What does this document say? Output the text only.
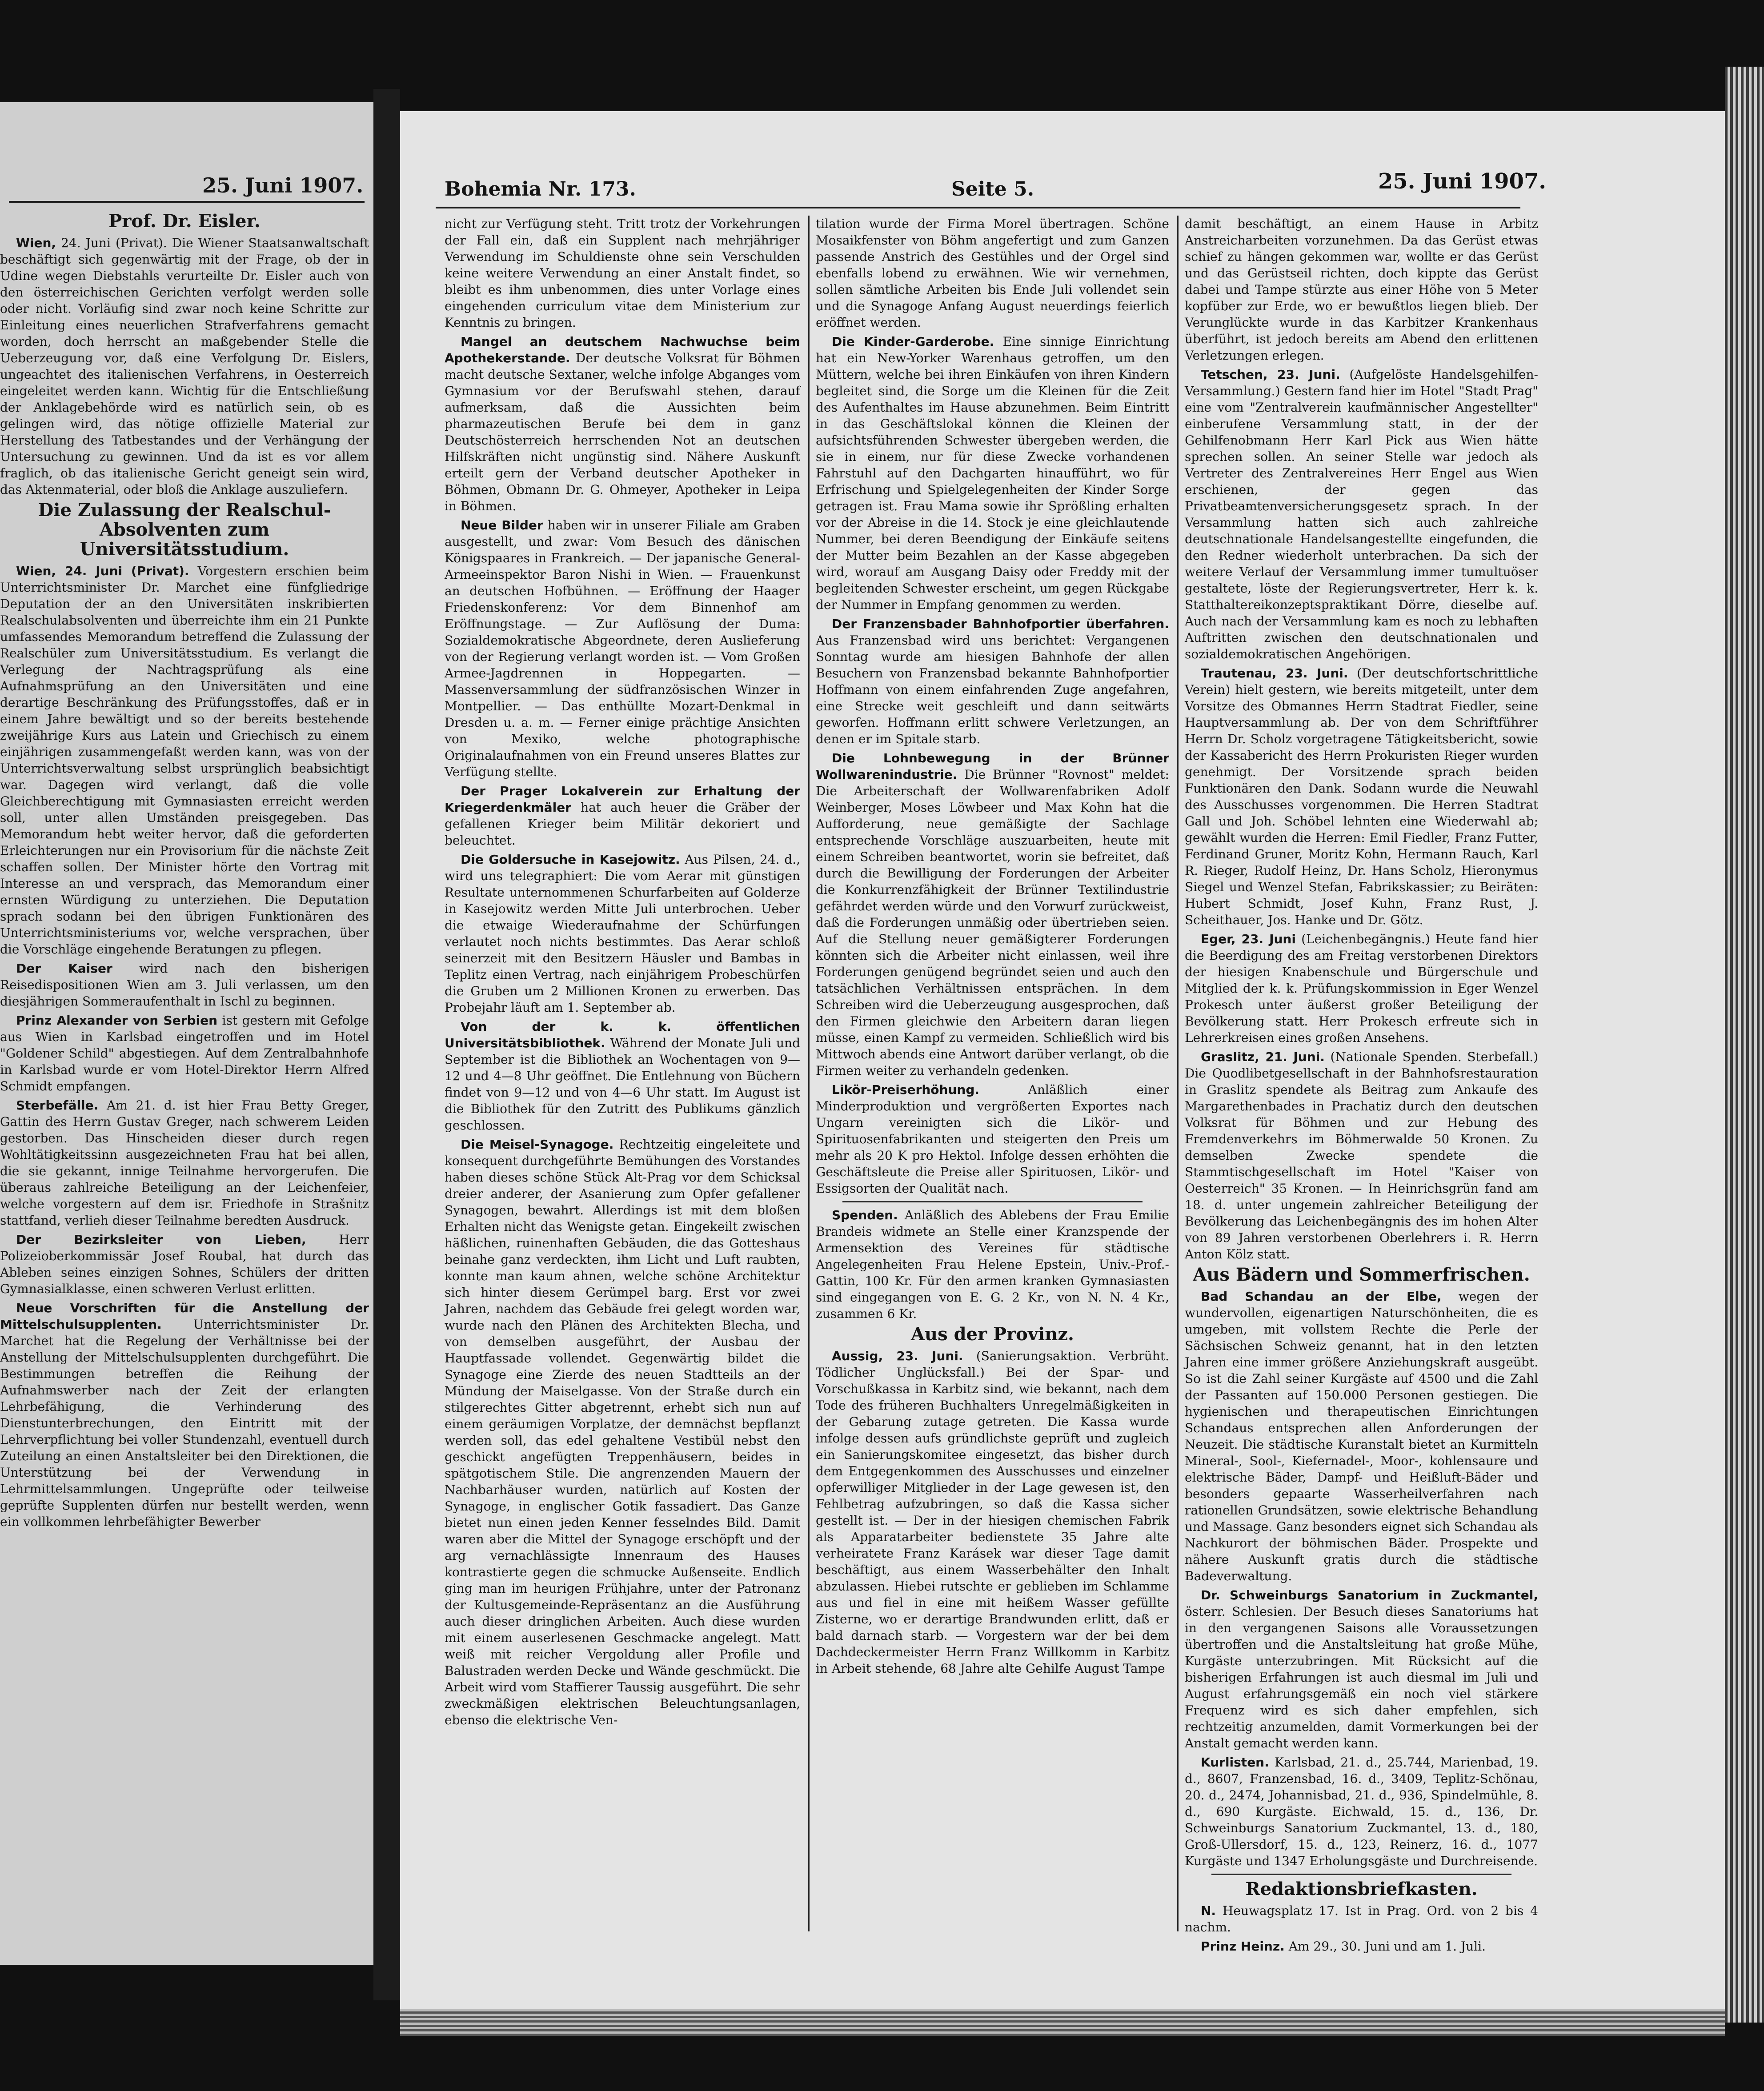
25. Juni 1907.
Prof. Dr. Eisler.

Wien, 24. Juni (Privat). Die Wiener Staatsanwaltschaft beschäftigt sich gegenwärtig mit der Frage, ob der in Udine wegen Diebstahls verurteilte Dr. Eisler auch von den österreichischen Gerichten verfolgt werden solle oder nicht. Vorläufig sind zwar noch keine Schritte zur Einleitung eines neuerlichen Strafverfahrens gemacht worden, doch herrscht an maßgebender Stelle die Ueberzeugung vor, daß eine Verfolgung Dr. Eislers, ungeachtet des italienischen Verfahrens, in Oesterreich eingeleitet werden kann. Wichtig für die Entschließung der Anklagebehörde wird es natürlich sein, ob es gelingen wird, das nötige offizielle Material zur Herstellung des Tatbestandes und der Verhängung der Untersuchung zu gewinnen. Und da ist es vor allem fraglich, ob das italienische Gericht geneigt sein wird, das Aktenmaterial, oder bloß die Anklage auszuliefern.

Die Zulassung der Realschul-Absolventen zum Universitätsstudium.

Wien, 24. Juni (Privat). Vorgestern erschien beim Unterrichtsminister Dr. Marchet eine fünfgliedrige Deputation der an den Universitäten inskribierten Realschulabsolventen und überreichte ihm ein 21 Punkte umfassendes Memorandum betreffend die Zulassung der Realschüler zum Universitätsstudium. Es verlangt die Verlegung der Nachtragsprüfung als eine Aufnahmsprüfung an den Universitäten und eine derartige Beschränkung des Prüfungsstoffes, daß er in einem Jahre bewältigt und so der bereits bestehende zweijährige Kurs aus Latein und Griechisch zu einem einjährigen zusammengefaßt werden kann, was von der Unterrichtsverwaltung selbst ursprünglich beabsichtigt war. Dagegen wird verlangt, daß die volle Gleichberechtigung mit Gymnasiasten erreicht werden soll, unter allen Umständen preisgegeben. Das Memorandum hebt weiter hervor, daß die geforderten Erleichterungen nur ein Provisorium für die nächste Zeit schaffen sollen. Der Minister hörte den Vortrag mit Interesse an und versprach, das Memorandum einer ernsten Würdigung zu unterziehen. Die Deputation sprach sodann bei den übrigen Funktionären des Unterrichtsministeriums vor, welche versprachen, über die Vorschläge eingehende Beratungen zu pflegen.

Der Kaiser wird nach den bisherigen Reisedispositionen Wien am 3. Juli verlassen, um den diesjährigen Sommeraufenthalt in Ischl zu beginnen.

Prinz Alexander von Serbien ist gestern mit Gefolge aus Wien in Karlsbad eingetroffen und im Hotel "Goldener Schild" abgestiegen. Auf dem Zentralbahnhofe in Karlsbad wurde er vom Hotel-Direktor Herrn Alfred Schmidt empfangen.

Sterbefälle. Am 21. d. ist hier Frau Betty Greger, Gattin des Herrn Gustav Greger, nach schwerem Leiden gestorben. Das Hinscheiden dieser durch regen Wohltätigkeitssinn ausgezeichneten Frau hat bei allen, die sie gekannt, innige Teilnahme hervorgerufen. Die überaus zahlreiche Beteiligung an der Leichenfeier, welche vorgestern auf dem isr. Friedhofe in Strašnitz stattfand, verlieh dieser Teilnahme beredten Ausdruck.

Der Bezirksleiter von Lieben,	Herr Polizeioberkommissär Josef Roubal, hat durch das Ableben seines einzigen Sohnes, Schülers der dritten Gymnasialklasse, einen schweren Verlust erlitten.

Neue Vorschriften für die Anstellung der Mittelschulsupplenten.	Unterrichtsminister Dr. Marchet hat die Regelung der Verhältnisse bei der Anstellung der Mittelschulsupplenten durchgeführt. Die Bestimmungen betreffen die Reihung der Aufnahmswerber nach der Zeit der erlangten Lehrbefähigung, die Verhinderung des Dienstunterbrechungen, den Eintritt mit der Lehrverpflichtung bei voller Stundenzahl, eventuell durch Zuteilung an einen Anstaltsleiter bei den Direktionen, die Unterstützung bei der Verwendung in Lehrmittelsammlungen. Ungeprüfte oder teilweise geprüfte Supplenten dürfen nur bestellt werden, wenn ein vollkommen lehrbefähigter Bewerber

Bohemia Nr. 173.	Seite 5.	25. Juni 1907.

nicht zur Verfügung steht. Tritt trotz der Vorkehrungen der Fall ein, daß ein Supplent nach mehrjähriger Verwendung im Schuldienste ohne sein Verschulden keine weitere Verwendung an einer Anstalt findet, so bleibt es ihm unbenommen, dies unter Vorlage eines eingehenden curriculum vitae dem Ministerium zur Kenntnis zu bringen.

Mangel an deutschem Nachwuchse beim Apothekerstande. Der deutsche Volksrat für Böhmen macht deutsche Sextaner, welche infolge Abganges vom Gymnasium vor der Berufswahl stehen, darauf aufmerksam, daß die Aussichten beim pharmazeutischen Berufe bei dem in ganz Deutschösterreich herrschenden Not an deutschen Hilfskräften nicht ungünstig sind. Nähere Auskunft erteilt gern der Verband deutscher Apotheker in Böhmen, Obmann Dr. G. Ohmeyer, Apotheker in Leipa in Böhmen.

Neue Bilder haben wir in unserer Filiale am Graben ausgestellt, und zwar: Vom Besuch des dänischen Königspaares in Frankreich. — Der japanische General-Armeeinspektor Baron Nishi in Wien. — Frauenkunst an deutschen Hofbühnen. — Eröffnung der Haager Friedenskonferenz: Vor dem Binnenhof am Eröffnungstage. — Zur Auflösung der Duma: Sozialdemokratische Abgeordnete, deren Auslieferung von der Regierung verlangt worden ist. — Vom Großen Armee-Jagdrennen in Hoppegarten. — Massenversammlung der südfranzösischen Winzer in Montpellier. — Das enthüllte Mozart-Denkmal in Dresden u. a. m. — Ferner einige prächtige Ansichten von Mexiko, welche photographische Originalaufnahmen von ein Freund unseres Blattes zur Verfügung stellte.

Der Prager Lokalverein zur Erhaltung der Kriegerdenkmäler hat auch heuer die Gräber der gefallenen Krieger beim Militär dekoriert und beleuchtet.

Die Goldersuche in Kasejowitz. Aus Pilsen, 24. d., wird uns telegraphiert: Die vom Aerar mit günstigen Resultate unternommenen Schurfarbeiten auf Golderze in Kasejowitz werden Mitte Juli unterbrochen. Ueber die etwaige Wiederaufnahme der Schürfungen verlautet noch nichts bestimmtes. Das Aerar schloß seinerzeit mit den Besitzern Häusler und Bambas in Teplitz einen Vertrag, nach einjährigem Probeschürfen die Gruben um 2 Millionen Kronen zu erwerben. Das Probejahr läuft am 1. September ab.

Von der k. k. öffentlichen Universitätsbibliothek. Während der Monate Juli und September ist die Bibliothek an Wochentagen von 9—12 und 4—8 Uhr geöffnet. Die Entlehnung von Büchern findet von 9—12 und von 4—6 Uhr statt. Im August ist die Bibliothek für den Zutritt des Publikums gänzlich geschlossen.

Die Meisel-Synagoge. Rechtzeitig eingeleitete und konsequent durchgeführte Bemühungen des Vorstandes haben dieses schöne Stück Alt-Prag vor dem Schicksal dreier anderer, der Asanierung zum Opfer gefallener Synagogen, bewahrt. Allerdings ist mit dem bloßen Erhalten nicht das Wenigste getan. Eingekeilt zwischen häßlichen, ruinenhaften Gebäuden, die das Gotteshaus beinahe ganz verdeckten, ihm Licht und Luft raubten, konnte man kaum ahnen, welche schöne Architektur sich hinter diesem Gerümpel barg. Erst vor zwei Jahren, nachdem das Gebäude frei gelegt worden war, wurde nach den Plänen des Architekten Blecha, und von demselben ausgeführt, der Ausbau der Hauptfassade vollendet. Gegenwärtig bildet die Synagoge eine Zierde des neuen Stadtteils an der Mündung der Maiselgasse. Von der Straße durch ein stilgerechtes Gitter abgetrennt, erhebt sich nun auf einem geräumigen Vorplatze, der demnächst bepflanzt werden soll, das edel gehaltene Vestibül nebst den geschickt angefügten Treppenhäusern, beides in spätgotischem Stile. Die angrenzenden Mauern der Nachbarhäuser wurden, natürlich auf Kosten der Synagoge, in englischer Gotik fassadiert. Das Ganze bietet nun einen jeden Kenner fesselndes Bild. Damit waren aber die Mittel der Synagoge erschöpft und der arg vernachlässigte Innenraum des Hauses kontrastierte gegen die schmucke Außenseite. Endlich ging man im heurigen Frühjahre, unter der Patronanz der Kultusgemeinde-Repräsentanz an die Ausführung auch dieser dringlichen Arbeiten. Auch diese wurden mit einem auserlesenen Geschmacke angelegt. Matt weiß mit reicher Vergoldung aller Profile und Balustraden werden Decke und Wände geschmückt. Die Arbeit wird vom Staffierer Taussig ausgeführt. Die sehr zweckmäßigen elektrischen Beleuchtungsanlagen, ebenso die elektrische Ven-

tilation wurde der Firma Morel übertragen. Schöne Mosaikfenster von Böhm angefertigt und zum Ganzen passende Anstrich des Gestühles und der Orgel sind ebenfalls lobend zu erwähnen. Wie wir vernehmen, sollen sämtliche Arbeiten bis Ende Juli vollendet sein und die Synagoge Anfang August neuerdings feierlich eröffnet werden.

Die Kinder-Garderobe. Eine sinnige Einrichtung hat ein New-Yorker Warenhaus getroffen, um den Müttern, welche bei ihren Einkäufen von ihren Kindern begleitet sind, die Sorge um die Kleinen für die Zeit des Aufenthaltes im Hause abzunehmen. Beim Eintritt in das Geschäftslokal können die Kleinen der aufsichtsführenden Schwester übergeben werden, die sie in einem, nur für diese Zwecke vorhandenen Fahrstuhl auf den Dachgarten hinaufführt, wo für Erfrischung und Spielgelegenheiten der Kinder Sorge getragen ist. Frau Mama sowie ihr Sprößling erhalten vor der Abreise in die 14. Stock je eine gleichlautende Nummer, bei deren Beendigung der Einkäufe seitens der Mutter beim Bezahlen an der Kasse abgegeben wird, worauf am Ausgang Daisy oder Freddy mit der begleitenden Schwester erscheint, um gegen Rückgabe der Nummer in Empfang genommen zu werden.

Der Franzensbader Bahnhofportier überfahren. Aus Franzensbad wird uns berichtet: Vergangenen Sonntag wurde am hiesigen Bahnhofe der allen Besuchern von Franzensbad bekannte Bahnhofportier Hoffmann von einem einfahrenden Zuge angefahren, eine Strecke weit geschleift und dann seitwärts geworfen. Hoffmann erlitt schwere Verletzungen, an denen er im Spitale starb.

Die Lohnbewegung in der Brünner Wollwarenindustrie. Die Brünner "Rovnost" meldet: Die Arbeiterschaft der Wollwarenfabriken Adolf Weinberger, Moses Löwbeer und Max Kohn hat die Aufforderung, neue gemäßigte der Sachlage entsprechende Vorschläge auszuarbeiten, heute mit einem Schreiben beantwortet, worin sie befreitet, daß durch die Bewilligung der Forderungen der Arbeiter die Konkurrenzfähigkeit der Brünner Textilindustrie gefährdet werden würde und den Vorwurf zurückweist, daß die Forderungen unmäßig oder übertrieben seien. Auf die Stellung neuer gemäßigterer Forderungen könnten sich die Arbeiter nicht einlassen, weil ihre Forderungen genügend begründet seien und auch den tatsächlichen Verhältnissen entsprächen. In dem Schreiben wird die Ueberzeugung ausgesprochen, daß den Firmen gleichwie den Arbeitern daran liegen müsse, einen Kampf zu vermeiden. Schließlich wird bis Mittwoch abends eine Antwort darüber verlangt, ob die Firmen weiter zu verhandeln gedenken.

Likör-Preiserhöhung.	Anläßlich einer Minderproduktion und vergrößerten Exportes nach Ungarn vereinigten sich die Likör- und Spirituosenfabrikanten und steigerten den Preis um mehr als 20 K pro Hektol. Infolge dessen erhöhten die Geschäftsleute die Preise aller Spirituosen, Likör- und Essigsorten der Qualität nach.

Spenden. Anläßlich des Ablebens der Frau Emilie Brandeis widmete an Stelle einer Kranzspende der Armensektion des Vereines für städtische Angelegenheiten Frau Helene Epstein, Univ.-Prof.-Gattin, 100 Kr. Für den armen kranken Gymnasiasten sind eingegangen von E. G. 2 Kr., von N. N. 4 Kr., zusammen 6 Kr.

Aus der Provinz.

Aussig, 23. Juni. (Sanierungsaktion. Verbrüht. Tödlicher Unglücksfall.) Bei der Spar- und Vorschußkassa in Karbitz sind, wie bekannt, nach dem Tode des früheren Buchhalters Unregelmäßigkeiten in der Gebarung zutage getreten. Die Kassa wurde infolge dessen aufs gründlichste geprüft und zugleich ein Sanierungskomitee eingesetzt, das bisher durch dem Entgegenkommen des Ausschusses und einzelner opferwilliger Mitglieder in der Lage gewesen ist, den Fehlbetrag aufzubringen, so daß die Kassa sicher gestellt ist. — Der in der hiesigen chemischen Fabrik als Apparatarbeiter bedienstete 35 Jahre alte verheiratete Franz Karásek war dieser Tage damit beschäftigt, aus einem Wasserbehälter den Inhalt abzulassen. Hiebei rutschte er geblieben im Schlamme aus und fiel in eine mit heißem Wasser gefüllte Zisterne, wo er derartige Brandwunden erlitt, daß er bald darnach starb. — Vorgestern war der bei dem Dachdeckermeister Herrn Franz Willkomm in Karbitz in Arbeit stehende, 68 Jahre alte Gehilfe August Tampe

damit beschäftigt, an einem Hause in Arbitz Anstreicharbeiten vorzunehmen. Da das Gerüst etwas schief zu hängen gekommen war, wollte er das Gerüst und das Gerüstseil richten, doch kippte das Gerüst dabei und Tampe stürzte aus einer Höhe von 5 Meter kopfüber zur Erde, wo er bewußtlos liegen blieb. Der Verunglückte wurde in das Karbitzer Krankenhaus überführt, ist jedoch bereits am Abend den erlittenen Verletzungen erlegen.

Tetschen, 23. Juni. (Aufgelöste Handelsgehilfen-Versammlung.) Gestern fand hier im Hotel "Stadt Prag" eine vom "Zentralverein kaufmännischer Angestellter" einberufene Versammlung statt, in der der Gehilfenobmann Herr Karl Pick aus Wien hätte sprechen sollen. An seiner Stelle war jedoch als Vertreter des Zentralvereines Herr Engel aus Wien erschienen, der gegen das Privatbeamtenversicherungsgesetz sprach. In der Versammlung hatten sich auch zahlreiche deutschnationale Handelsangestellte eingefunden, die den Redner wiederholt unterbrachen. Da sich der weitere Verlauf der Versammlung immer tumultuöser gestaltete, löste der Regierungsvertreter, Herr k. k. Statthaltereikonzeptspraktikant Dörre, dieselbe auf. Auch nach der Versammlung kam es noch zu lebhaften Auftritten zwischen den deutschnationalen und sozialdemokratischen Angehörigen.

Trautenau, 23. Juni. (Der deutschfortschrittliche Verein) hielt gestern, wie bereits mitgeteilt, unter dem Vorsitze des Obmannes Herrn Stadtrat Fiedler, seine Hauptversammlung ab. Der von dem Schriftführer Herrn Dr. Scholz vorgetragene Tätigkeitsbericht, sowie der Kassabericht des Herrn Prokuristen Rieger wurden genehmigt. Der Vorsitzende sprach beiden Funktionären den Dank. Sodann wurde die Neuwahl des Ausschusses vorgenommen. Die Herren Stadtrat Gall und Joh. Schöbel lehnten eine Wiederwahl ab; gewählt wurden die Herren: Emil Fiedler, Franz Futter, Ferdinand Gruner, Moritz Kohn, Hermann Rauch, Karl R. Rieger, Rudolf Heinz, Dr. Hans Scholz, Hieronymus Siegel und Wenzel Stefan, Fabrikskassier; zu Beiräten: Hubert Schmidt, Josef Kuhn, Franz Rust, J. Scheithauer, Jos. Hanke und Dr. Götz.

Eger, 23. Juni (Leichenbegängnis.) Heute fand hier die Beerdigung des am Freitag verstorbenen Direktors der hiesigen Knabenschule und Bürgerschule und Mitglied der k. k. Prüfungskommission in Eger Wenzel Prokesch unter äußerst großer Beteiligung der Bevölkerung statt. Herr Prokesch erfreute sich in Lehrerkreisen eines großen Ansehens.

Graslitz, 21. Juni. (Nationale Spenden. Sterbefall.) Die Quodlibetgesellschaft in der Bahnhofsrestauration in Graslitz spendete als Beitrag zum Ankaufe des Margarethenbades in Prachatiz durch den deutschen Volksrat für Böhmen und zur Hebung des Fremdenverkehrs im Böhmerwalde 50 Kronen. Zu demselben Zwecke spendete die Stammtischgesellschaft im Hotel "Kaiser von Oesterreich" 35 Kronen. — In Heinrichsgrün fand am 18. d. unter ungemein zahlreicher Beteiligung der Bevölkerung das Leichenbegängnis des im hohen Alter von 89 Jahren verstorbenen Oberlehrers i. R. Herrn Anton Kölz statt.

Aus Bädern und Sommerfrischen.

Bad Schandau an der Elbe, wegen der wundervollen, eigenartigen Naturschönheiten, die es umgeben, mit vollstem Rechte die Perle der Sächsischen Schweiz genannt, hat in den letzten Jahren eine immer größere Anziehungskraft ausgeübt. So ist die Zahl seiner Kurgäste auf 4500 und die Zahl der Passanten auf 150.000 Personen gestiegen. Die hygienischen und therapeutischen Einrichtungen Schandaus entsprechen allen Anforderungen der Neuzeit. Die städtische Kuranstalt bietet an Kurmitteln Mineral-, Sool-, Kiefernadel-, Moor-, kohlensaure und elektrische Bäder, Dampf- und Heißluft-Bäder und besonders gepaarte Wasserheilverfahren nach rationellen Grundsätzen, sowie elektrische Behandlung und Massage. Ganz besonders eignet sich Schandau als Nachkurort der böhmischen Bäder. Prospekte und nähere Auskunft gratis durch die städtische Badeverwaltung.

Dr. Schweinburgs Sanatorium in Zuckmantel, österr. Schlesien. Der Besuch dieses Sanatoriums hat in den vergangenen Saisons alle Voraussetzungen übertroffen und die Anstaltsleitung hat große Mühe, Kurgäste unterzubringen. Mit Rücksicht auf die bisherigen Erfahrungen ist auch diesmal im Juli und August erfahrungsgemäß ein noch viel stärkere Frequenz wird es sich daher empfehlen, sich rechtzeitig anzumelden, damit Vormerkungen bei der Anstalt gemacht werden kann.

Kurlisten. Karlsbad, 21. d., 25.744, Marienbad, 19. d., 8607, Franzensbad, 16. d., 3409, Teplitz-Schönau, 20. d., 2474, Johannisbad, 21. d., 936, Spindelmühle, 8. d., 690 Kurgäste. Eichwald, 15. d., 136, Dr. Schweinburgs Sanatorium Zuckmantel, 13. d., 180, Groß-Ullersdorf, 15. d., 123, Reinerz, 16. d., 1077 Kurgäste und 1347 Erholungsgäste und Durchreisende.

Redaktionsbriefkasten.

N. Heuwagsplatz 17. Ist in Prag. Ord. von 2 bis 4 nachm.

Prinz Heinz. Am 29., 30. Juni und am 1. Juli.
